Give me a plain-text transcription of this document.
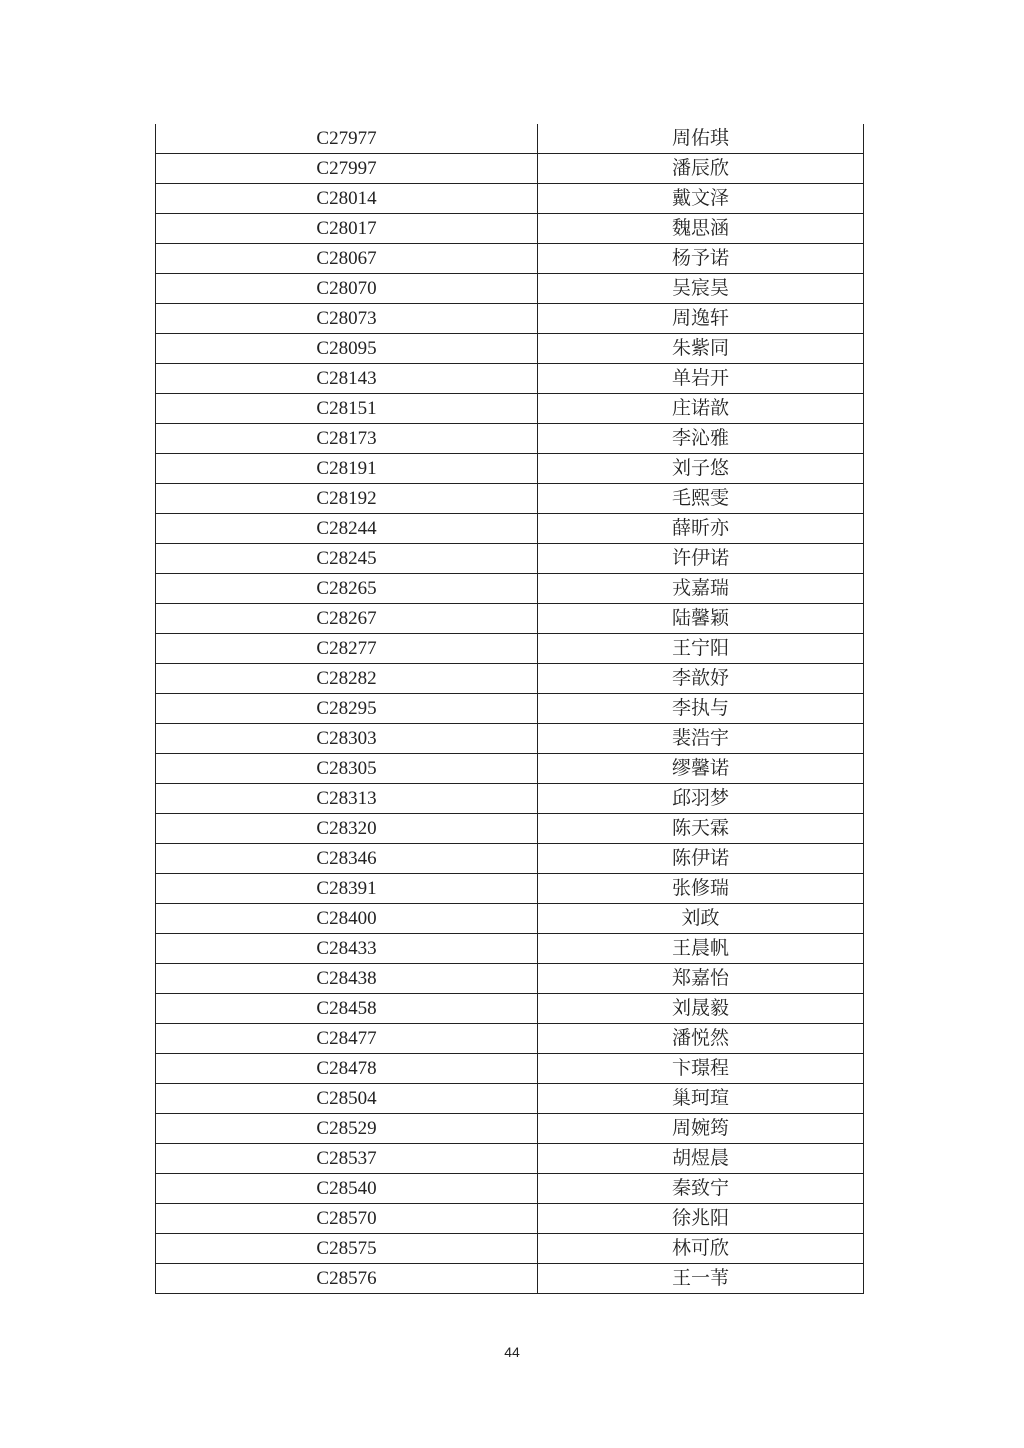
C27977	周佑琪
C27997	潘辰欣
C28014	戴文泽
C28017	魏思涵
C28067	杨予诺
C28070	吴宸昊
C28073	周逸轩
C28095	朱紫同
C28143	单岩开
C28151	庄诺歆
C28173	李沁雅
C28191	刘子悠
C28192	毛熙雯
C28244	薛昕亦
C28245	许伊诺
C28265	戎嘉瑞
C28267	陆馨颖
C28277	王宁阳
C28282	李歆妤
C28295	李执与
C28303	裴浩宇
C28305	缪馨诺
C28313	邱羽梦
C28320	陈天霖
C28346	陈伊诺
C28391	张修瑞
C28400	刘政
C28433	王晨帆
C28438	郑嘉怡
C28458	刘晟毅
C28477	潘悦然
C28478	卞璟程
C28504	巢珂瑄
C28529	周婉筠
C28537	胡煜晨
C28540	秦致宁
C28570	徐兆阳
C28575	林可欣
C28576	王一苇
44
